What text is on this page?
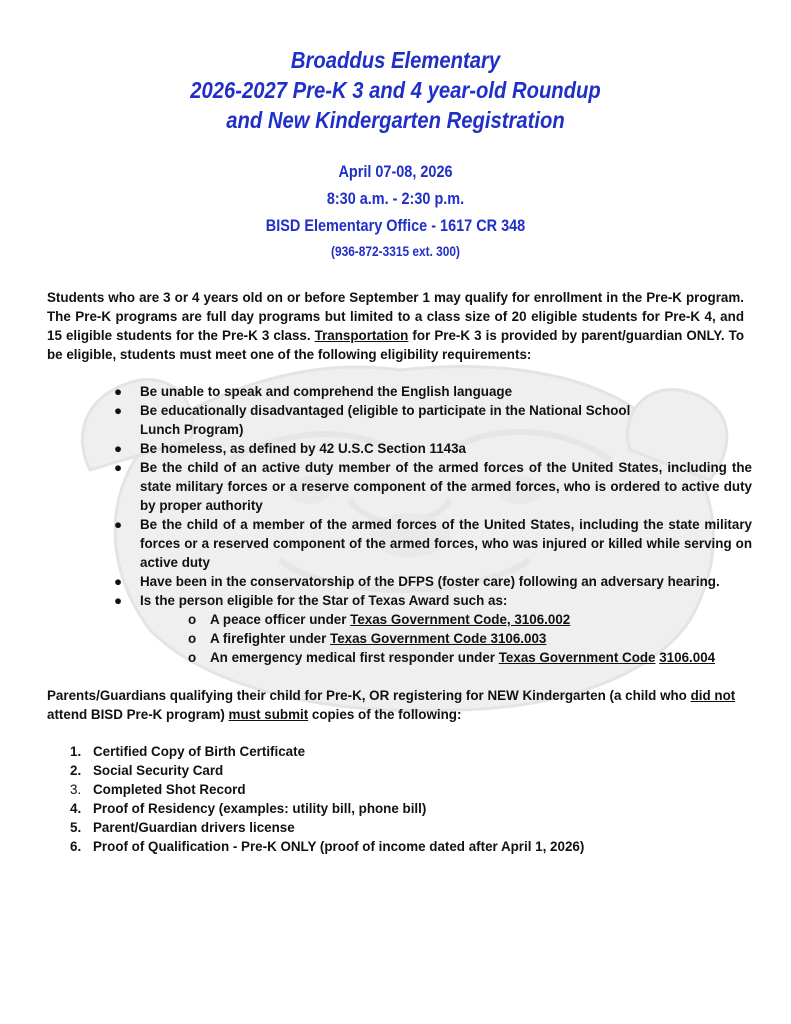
Broaddus Elementary
2026-2027 Pre-K 3 and 4 year-old Roundup
and New Kindergarten Registration
April 07-08, 2026
8:30 a.m. - 2:30 p.m.
BISD Elementary Office - 1617 CR 348
(936-872-3315 ext. 300)
Students who are 3 or 4 years old on or before September 1 may qualify for enrollment in the Pre-K program. The Pre-K programs are full day programs but limited to a class size of 20 eligible students for Pre-K 4, and 15 eligible students for the Pre-K 3 class. Transportation for Pre-K 3 is provided by parent/guardian ONLY. To be eligible, students must meet one of the following eligibility requirements:
● Be unable to speak and comprehend the English language
● Be educationally disadvantaged (eligible to participate in the National School Lunch Program)
● Be homeless, as defined by 42 U.S.C Section 1143a
● Be the child of an active duty member of the armed forces of the United States, including the state military forces or a reserve component of the armed forces, who is ordered to active duty by proper authority
● Be the child of a member of the armed forces of the United States, including the state military forces or a reserved component of the armed forces, who was injured or killed while serving on active duty
● Have been in the conservatorship of the DFPS (foster care) following an adversary hearing.
● Is the person eligible for the Star of Texas Award such as:
o A peace officer under Texas Government Code, 3106.002
o A firefighter under Texas Government Code 3106.003
o An emergency medical first responder under Texas Government Code 3106.004
Parents/Guardians qualifying their child for Pre-K, OR registering for NEW Kindergarten (a child who did not attend BISD Pre-K program) must submit copies of the following:
1. Certified Copy of Birth Certificate
2. Social Security Card
3. Completed Shot Record
4. Proof of Residency (examples: utility bill, phone bill)
5. Parent/Guardian drivers license
6. Proof of Qualification - Pre-K ONLY (proof of income dated after April 1, 2026)
